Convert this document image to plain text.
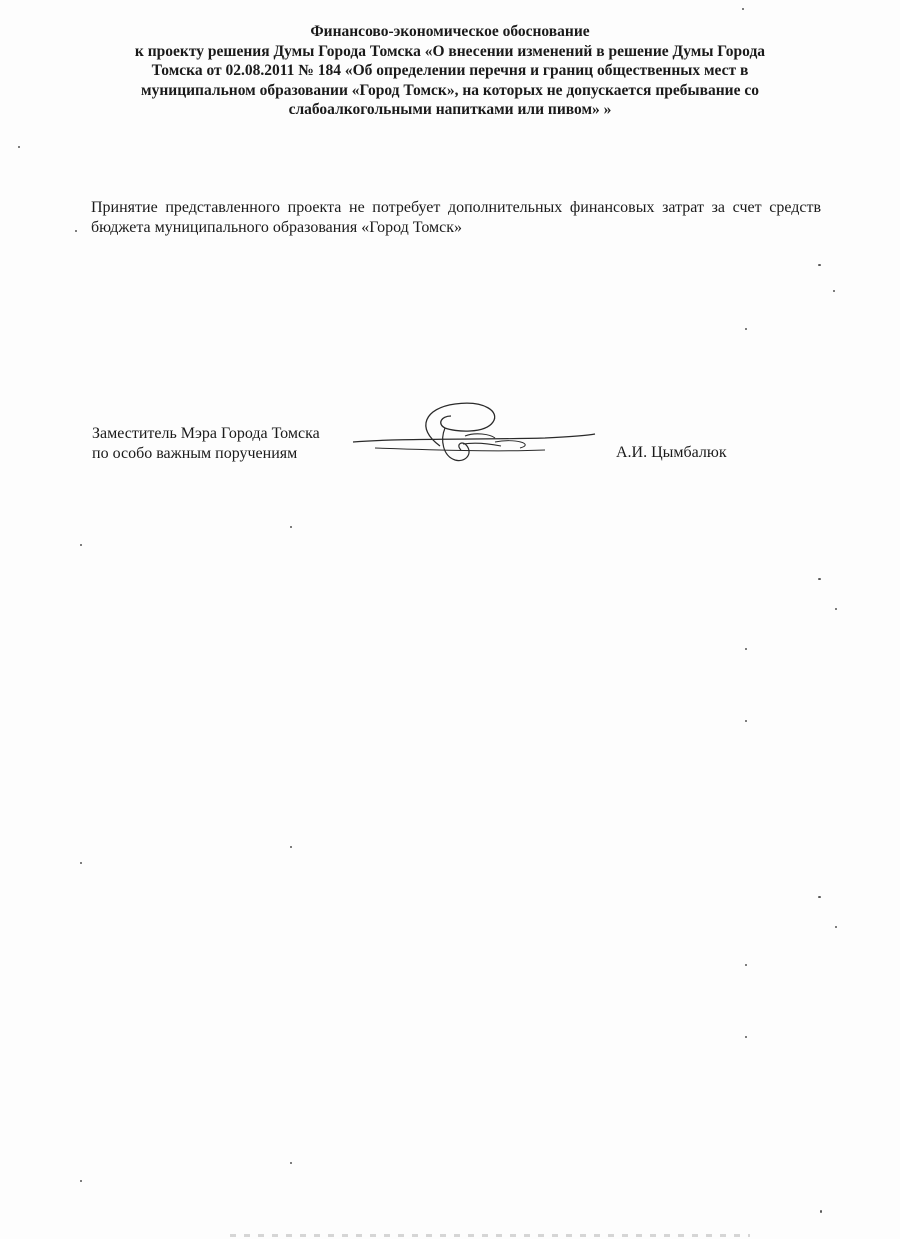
Финансово-экономическое обоснование
к проекту решения Думы Города Томска «О внесении изменений в решение Думы Города
Томска от 02.08.2011 № 184 «Об определении перечня и границ общественных мест в
муниципальном образовании «Город Томск», на которых не допускается пребывание со
слабоалкогольными напитками или пивом» »
Принятие представленного проекта не потребует дополнительных финансовых затрат за счет средств
бюджета муниципального образования «Город Томск»
Заместитель Мэра Города Томска
по особо важным поручениям	А.И. Цымбалюк
